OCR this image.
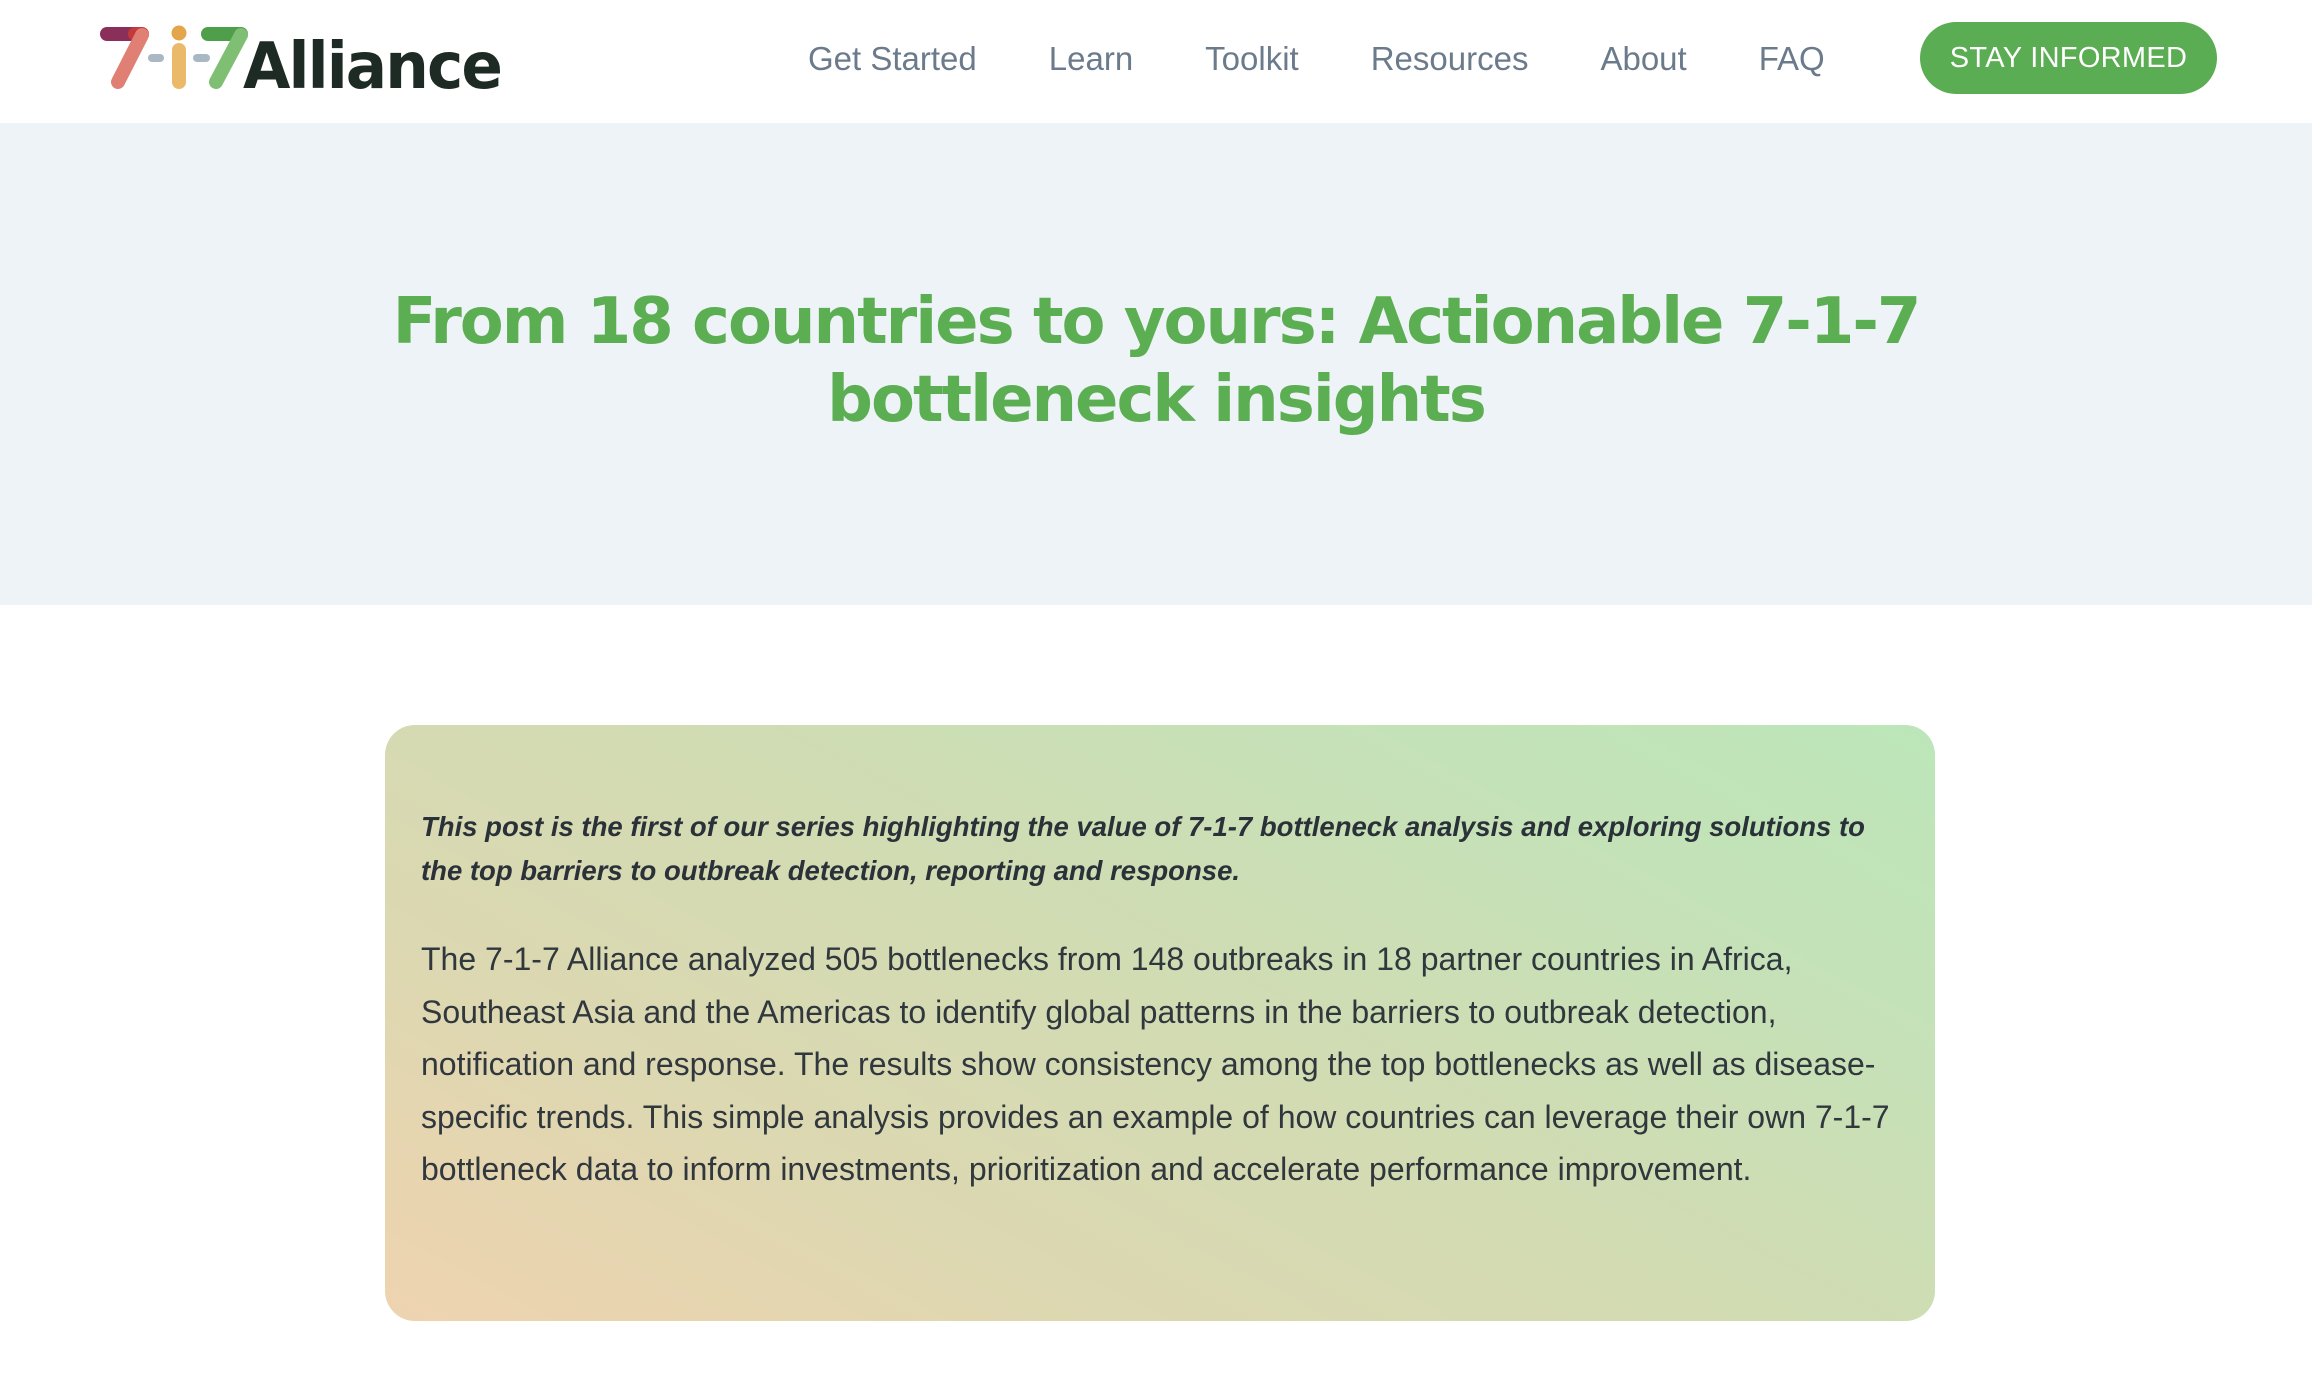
Alliance	Get Started Learn Toolkit Resources About FAQ	STAY INFORMED
From 18 countries to yours: Actionable 7-1-7 bottleneck insights

This post is the first of our series highlighting the value of 7-1-7 bottleneck analysis and exploring solutions to the top barriers to outbreak detection, reporting and response.

The 7-1-7 Alliance analyzed 505 bottlenecks from 148 outbreaks in 18 partner countries in Africa, Southeast Asia and the Americas to identify global patterns in the barriers to outbreak detection, notification and response. The results show consistency among the top bottlenecks as well as disease-specific trends. This simple analysis provides an example of how countries can leverage their own 7-1-7 bottleneck data to inform investments, prioritization and accelerate performance improvement.
